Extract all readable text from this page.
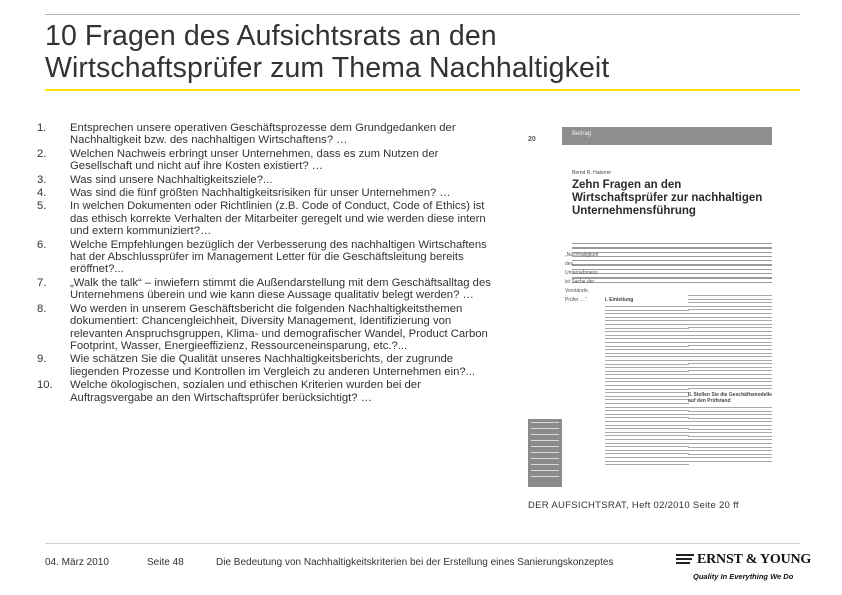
10 Fragen des Aufsichtsrats an den
Wirtschaftsprüfer zum Thema Nachhaltigkeit
1.	Entsprechen unsere operativen Geschäftsprozesse dem Grundgedanken der Nachhaltigkeit bzw. des nachhaltigen Wirtschaftens? …
2.	Welchen Nachweis erbringt unser Unternehmen, dass es zum Nutzen der Gesellschaft und nicht auf ihre Kosten existiert? …
3.	Was sind unsere Nachhaltigkeitsziele?...
4.	Was sind die fünf größten Nachhaltigkeitsrisiken für unser Unternehmen? …
5.	In welchen Dokumenten oder Richtlinien (z.B. Code of Conduct, Code of Ethics) ist das ethisch korrekte Verhalten der Mitarbeiter geregelt und wie werden diese intern und extern kommuniziert?…
6.	Welche Empfehlungen bezüglich der Verbesserung des nachhaltigen Wirtschaftens hat der Abschlussprüfer im Management Letter für die Geschäftsleitung bereits eröffnet?...
7.	„Walk the talk“ – inwiefern stimmt die Außendarstellung mit dem Geschäftsalltag des Unternehmens überein und wie kann diese Aussage qualitativ belegt werden? …
8.	Wo werden in unserem Geschäftsbericht die folgenden Nachhaltigkeitsthemen dokumentiert: Chancengleichheit, Diversity Management, Identifizierung von relevanten Anspruchsgruppen, Klima- und demografischer Wandel, Product Carbon Footprint, Wasser, Energieeffizienz, Ressourceneinsparung, etc.?...
9.	Wie schätzen Sie die Qualität unseres Nachhaltigkeitsberichts, der zugrunde liegenden Prozesse und Kontrollen im Vergleich zu anderen Unternehmen ein?...
10.	Welche ökologischen, sozialen und ethischen Kriterien wurden bei der Auftragsvergabe an den Wirtschaftsprüfer berücksichtigt? …
20
Beitrag
Bernd R. Haberer
Zehn Fragen an den Wirtschaftsprüfer zur nachhaltigen Unternehmensführung
„Nachhaltigkeit des Unternehmens ist Sache der Vorstände, Prüfer …“	I. Einleitung
II. Stellen Sie die Geschäftsmodelle auf den Prüfstand
DER AUFSICHTSRAT, Heft 02/2010 Seite 20 ff
04. März 2010	Seite 48	Die Bedeutung von Nachhaltigkeitskriterien bei der Erstellung eines Sanierungskonzeptes	ERNST & YOUNG
Quality In Everything We Do
